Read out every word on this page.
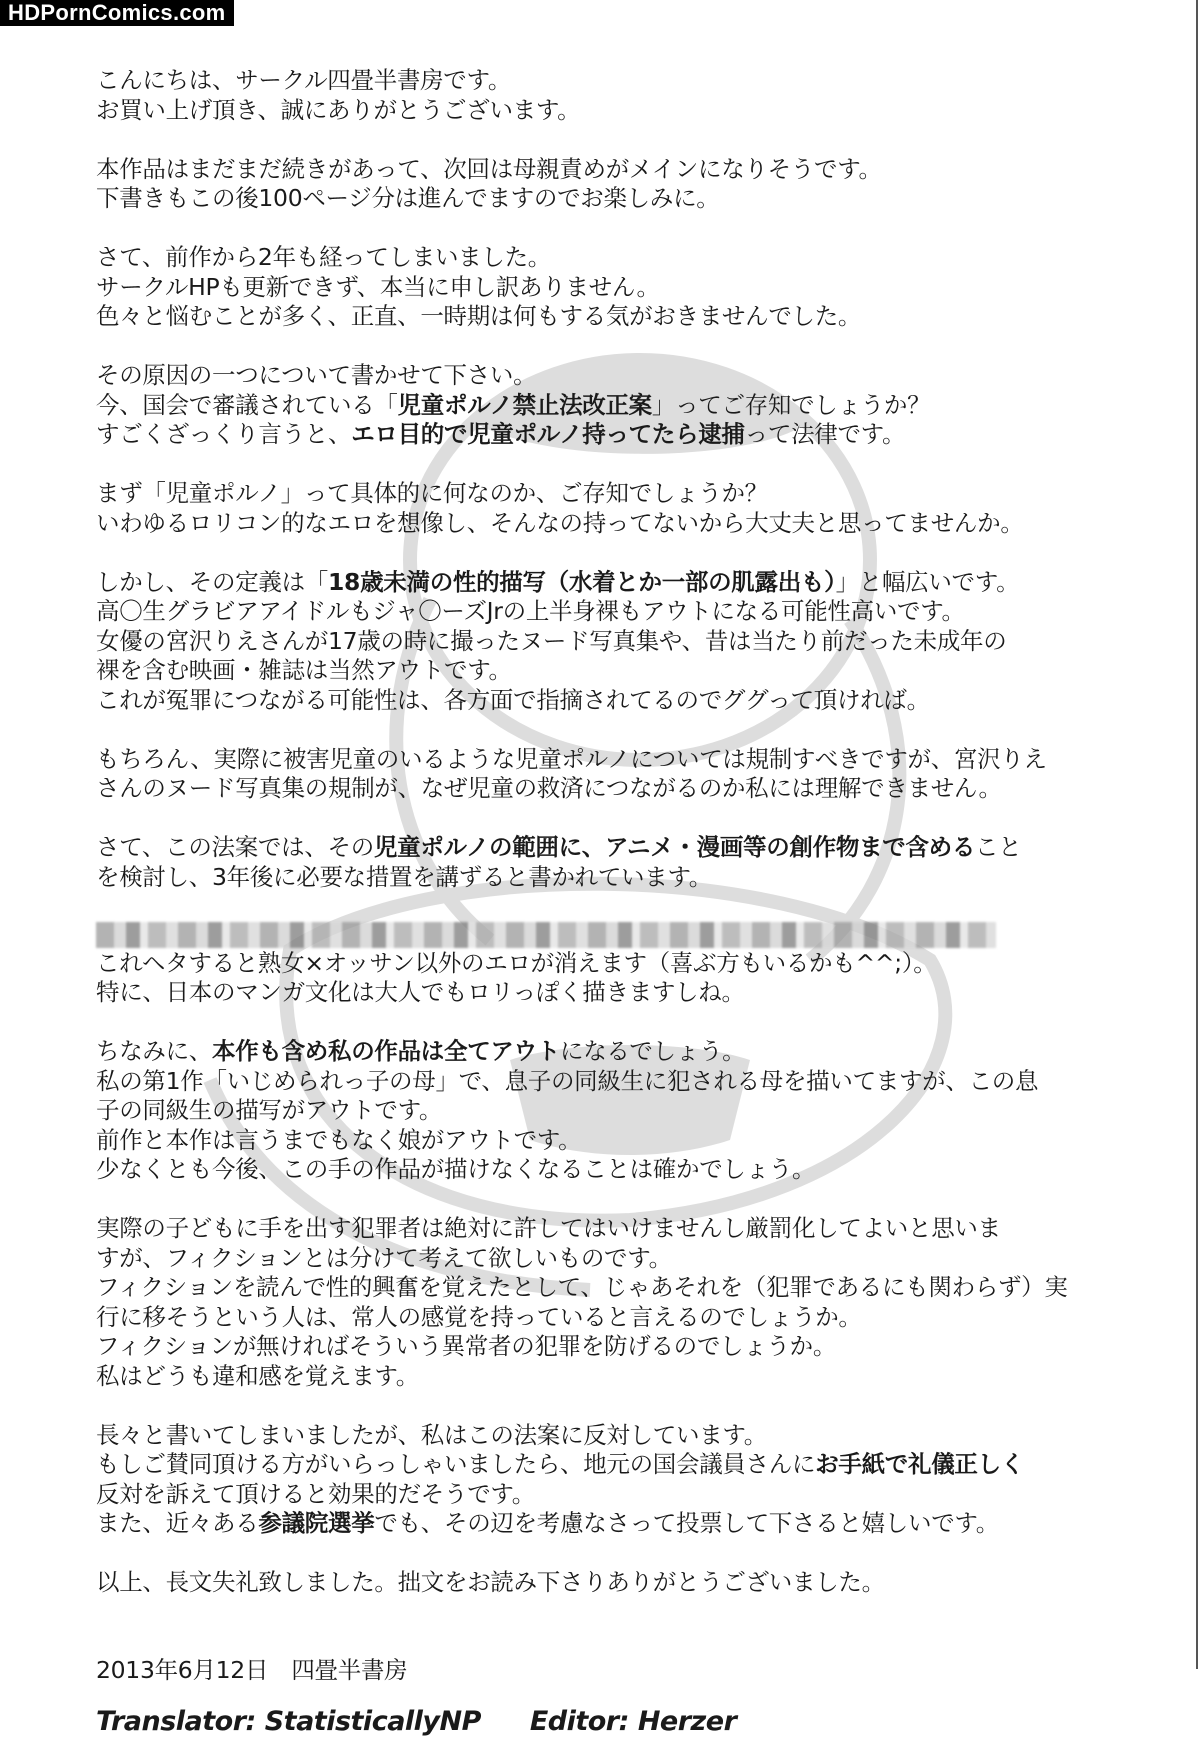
HDPornComics.com
こんにちは、サークル四畳半書房です。
お買い上げ頂き、誠にありがとうございます。
本作品はまだまだ続きがあって、次回は母親責めがメインになりそうです。
下書きもこの後100ページ分は進んでますのでお楽しみに。
さて、前作から2年も経ってしまいました。
サークルHPも更新できず、本当に申し訳ありません。
色々と悩むことが多く、正直、一時期は何もする気がおきませんでした。
その原因の一つについて書かせて下さい。
今、国会で審議されている「児童ポルノ禁止法改正案」ってご存知でしょうか？
すごくざっくり言うと、エロ目的で児童ポルノ持ってたら逮捕って法律です。
まず「児童ポルノ」って具体的に何なのか、ご存知でしょうか？
いわゆるロリコン的なエロを想像し、そんなの持ってないから大丈夫と思ってませんか。
しかし、その定義は「18歳未満の性的描写（水着とか一部の肌露出も）」と幅広いです。
高〇生グラビアアイドルもジャ〇ーズJrの上半身裸もアウトになる可能性高いです。
女優の宮沢りえさんが17歳の時に撮ったヌード写真集や、昔は当たり前だった未成年の
裸を含む映画・雑誌は当然アウトです。
これが冤罪につながる可能性は、各方面で指摘されてるのでググって頂ければ。
もちろん、実際に被害児童のいるような児童ポルノについては規制すべきですが、宮沢りえ
さんのヌード写真集の規制が、なぜ児童の救済につながるのか私には理解できません。
さて、この法案では、その児童ポルノの範囲に、アニメ・漫画等の創作物まで含めること
を検討し、3年後に必要な措置を講ずると書かれています。
これヘタすると熟女×オッサン以外のエロが消えます（喜ぶ方もいるかも^^;）。
特に、日本のマンガ文化は大人でもロリっぽく描きますしね。
ちなみに、本作も含め私の作品は全てアウトになるでしょう。
私の第1作「いじめられっ子の母」で、息子の同級生に犯される母を描いてますが、この息
子の同級生の描写がアウトです。
前作と本作は言うまでもなく娘がアウトです。
少なくとも今後、この手の作品が描けなくなることは確かでしょう。
実際の子どもに手を出す犯罪者は絶対に許してはいけませんし厳罰化してよいと思いま
すが、フィクションとは分けて考えて欲しいものです。
フィクションを読んで性的興奮を覚えたとして、じゃあそれを（犯罪であるにも関わらず）実
行に移そうという人は、常人の感覚を持っていると言えるのでしょうか。
フィクションが無ければそういう異常者の犯罪を防げるのでしょうか。
私はどうも違和感を覚えます。
長々と書いてしまいましたが、私はこの法案に反対しています。
もしご賛同頂ける方がいらっしゃいましたら、地元の国会議員さんにお手紙で礼儀正しく
反対を訴えて頂けると効果的だそうです。
また、近々ある参議院選挙でも、その辺を考慮なさって投票して下さると嬉しいです。
以上、長文失礼致しました。拙文をお読み下さりありがとうございました。
2013年6月12日　四畳半書房
Translator: StatisticallyNP Editor: Herzer
